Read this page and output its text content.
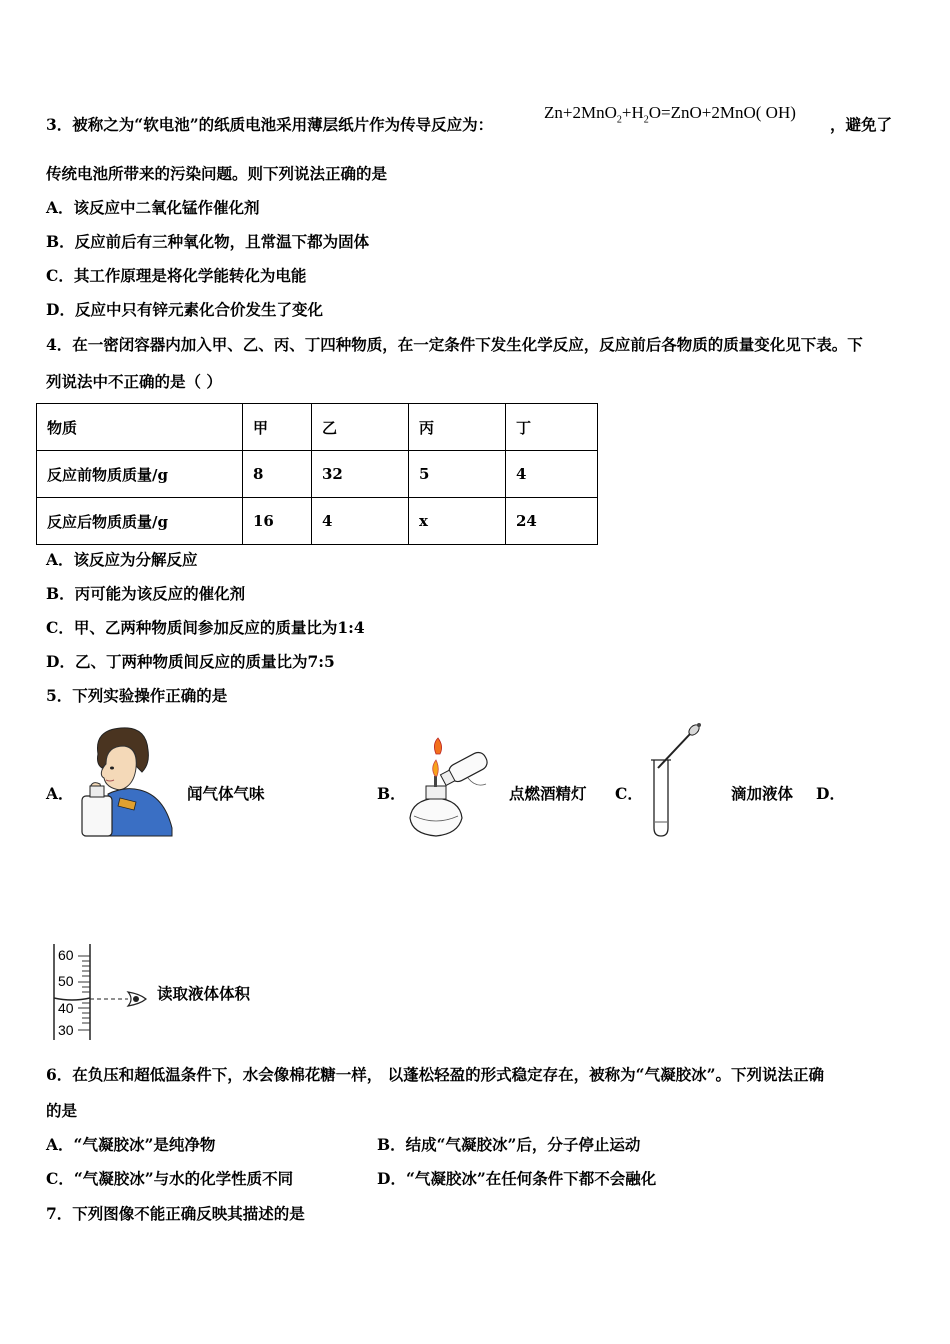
3．被称之为“软电池”的纸质电池采用薄层纸片作为传导反应为：
$Zn+2MnO_2+H_2O=ZnO+2MnO$( OH)
，避免了
传统电池所带来的污染问题。则下列说法正确的是
A．该反应中二氧化锰作催化剂
B．反应前后有三种氧化物，且常温下都为固体
C．其工作原理是将化学能转化为电能
D．反应中只有锌元素化合价发生了变化
4．在一密闭容器内加入甲、乙、丙、丁四种物质，在一定条件下发生化学反应，反应前后各物质的质量变化见下表。下
列说法中不正确的是（ ）
物质	甲	乙	丙	丁
反应前物质质量/g	8	32	5	4
反应后物质质量/g	16	4	x	24
A．该反应为分解反应
B．丙可能为该反应的催化剂
C．甲、乙两种物质间参加反应的质量比为1:4
D．乙、丁两种物质间反应的质量比为7:5
5．下列实验操作正确的是
A．	闻气体气味	B．	点燃酒精灯 C．	滴加液体 D．
60
50
40
30
读取液体体积
6．在负压和超低温条件下，水会像棉花糖一样， 以蓬松轻盈的形式稳定存在，被称为“气凝胶冰”。下列说法正确
的是
A．“气凝胶冰”是纯净物	B．结成“气凝胶冰”后，分子停止运动
C．“气凝胶冰”与水的化学性质不同	D．“气凝胶冰”在任何条件下都不会融化
7．下列图像不能正确反映其描述的是
